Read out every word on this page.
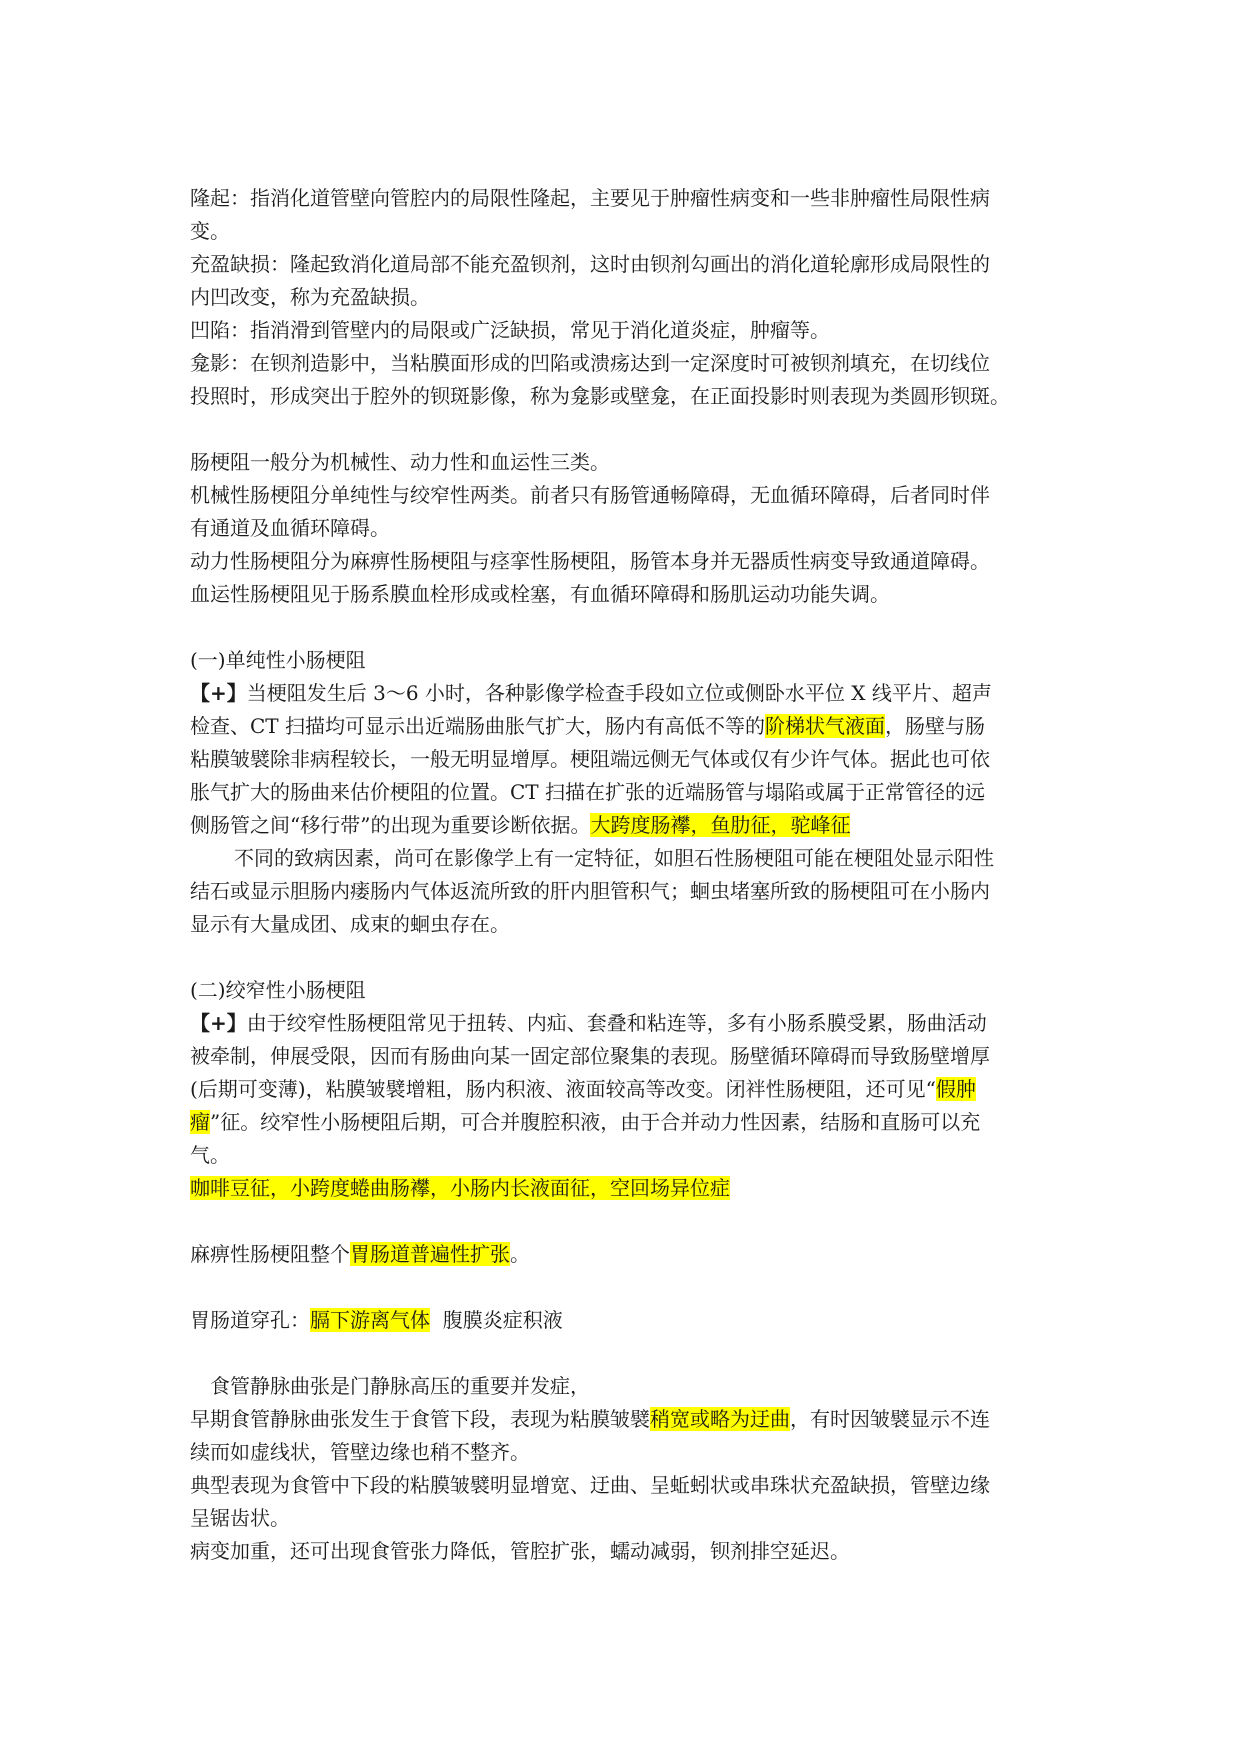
隆起：指消化道管壁向管腔内的局限性隆起，主要见于肿瘤性病变和一些非肿瘤性局限性病

变。

充盈缺损：隆起致消化道局部不能充盈钡剂，这时由钡剂勾画出的消化道轮廓形成局限性的

内凹改变，称为充盈缺损。

凹陷：指消滑到管壁内的局限或广泛缺损，常见于消化道炎症，肿瘤等。

龛影：在钡剂造影中，当粘膜面形成的凹陷或溃疡达到一定深度时可被钡剂填充，在切线位

投照时，形成突出于腔外的钡斑影像，称为龛影或壁龛，在正面投影时则表现为类圆形钡斑。

肠梗阻一般分为机械性、动力性和血运性三类。

机械性肠梗阻分单纯性与绞窄性两类。前者只有肠管通畅障碍，无血循环障碍，后者同时伴

有通道及血循环障碍。

动力性肠梗阻分为麻痹性肠梗阻与痉挛性肠梗阻，肠管本身并无器质性病变导致通道障碍。

血运性肠梗阻见于肠系膜血栓形成或栓塞，有血循环障碍和肠肌运动功能失调。

(一)单纯性小肠梗阻

【+】当梗阻发生后 3～6 小时，各种影像学检查手段如立位或侧卧水平位 X 线平片、超声

检查、CT 扫描均可显示出近端肠曲胀气扩大，肠内有高低不等的阶梯状气液面，肠壁与肠

粘膜皱襞除非病程较长，一般无明显增厚。梗阻端远侧无气体或仅有少许气体。据此也可依

胀气扩大的肠曲来估价梗阻的位置。CT 扫描在扩张的近端肠管与塌陷或属于正常管径的远

侧肠管之间“移行带”的出现为重要诊断依据。大跨度肠襻，鱼肋征，驼峰征

不同的致病因素，尚可在影像学上有一定特征，如胆石性肠梗阻可能在梗阻处显示阳性

结石或显示胆肠内瘘肠内气体返流所致的肝内胆管积气；蛔虫堵塞所致的肠梗阻可在小肠内

显示有大量成团、成束的蛔虫存在。

(二)绞窄性小肠梗阻

【+】由于绞窄性肠梗阻常见于扭转、内疝、套叠和粘连等，多有小肠系膜受累，肠曲活动

被牵制，伸展受限，因而有肠曲向某一固定部位聚集的表现。肠壁循环障碍而导致肠壁增厚

(后期可变薄)，粘膜皱襞增粗，肠内积液、液面较高等改变。闭袢性肠梗阻，还可见“假肿

瘤”征。绞窄性小肠梗阻后期，可合并腹腔积液，由于合并动力性因素，结肠和直肠可以充

气。

咖啡豆征，小跨度蜷曲肠襻，小肠内长液面征，空回场异位症

麻痹性肠梗阻整个胃肠道普遍性扩张。

胃肠道穿孔：膈下游离气体  腹膜炎症积液

食管静脉曲张是门静脉高压的重要并发症，

早期食管静脉曲张发生于食管下段，表现为粘膜皱襞稍宽或略为迂曲，有时因皱襞显示不连

续而如虚线状，管壁边缘也稍不整齐。

典型表现为食管中下段的粘膜皱襞明显增宽、迂曲、呈蚯蚓状或串珠状充盈缺损，管壁边缘

呈锯齿状。

病变加重，还可出现食管张力降低，管腔扩张，蠕动减弱，钡剂排空延迟。
